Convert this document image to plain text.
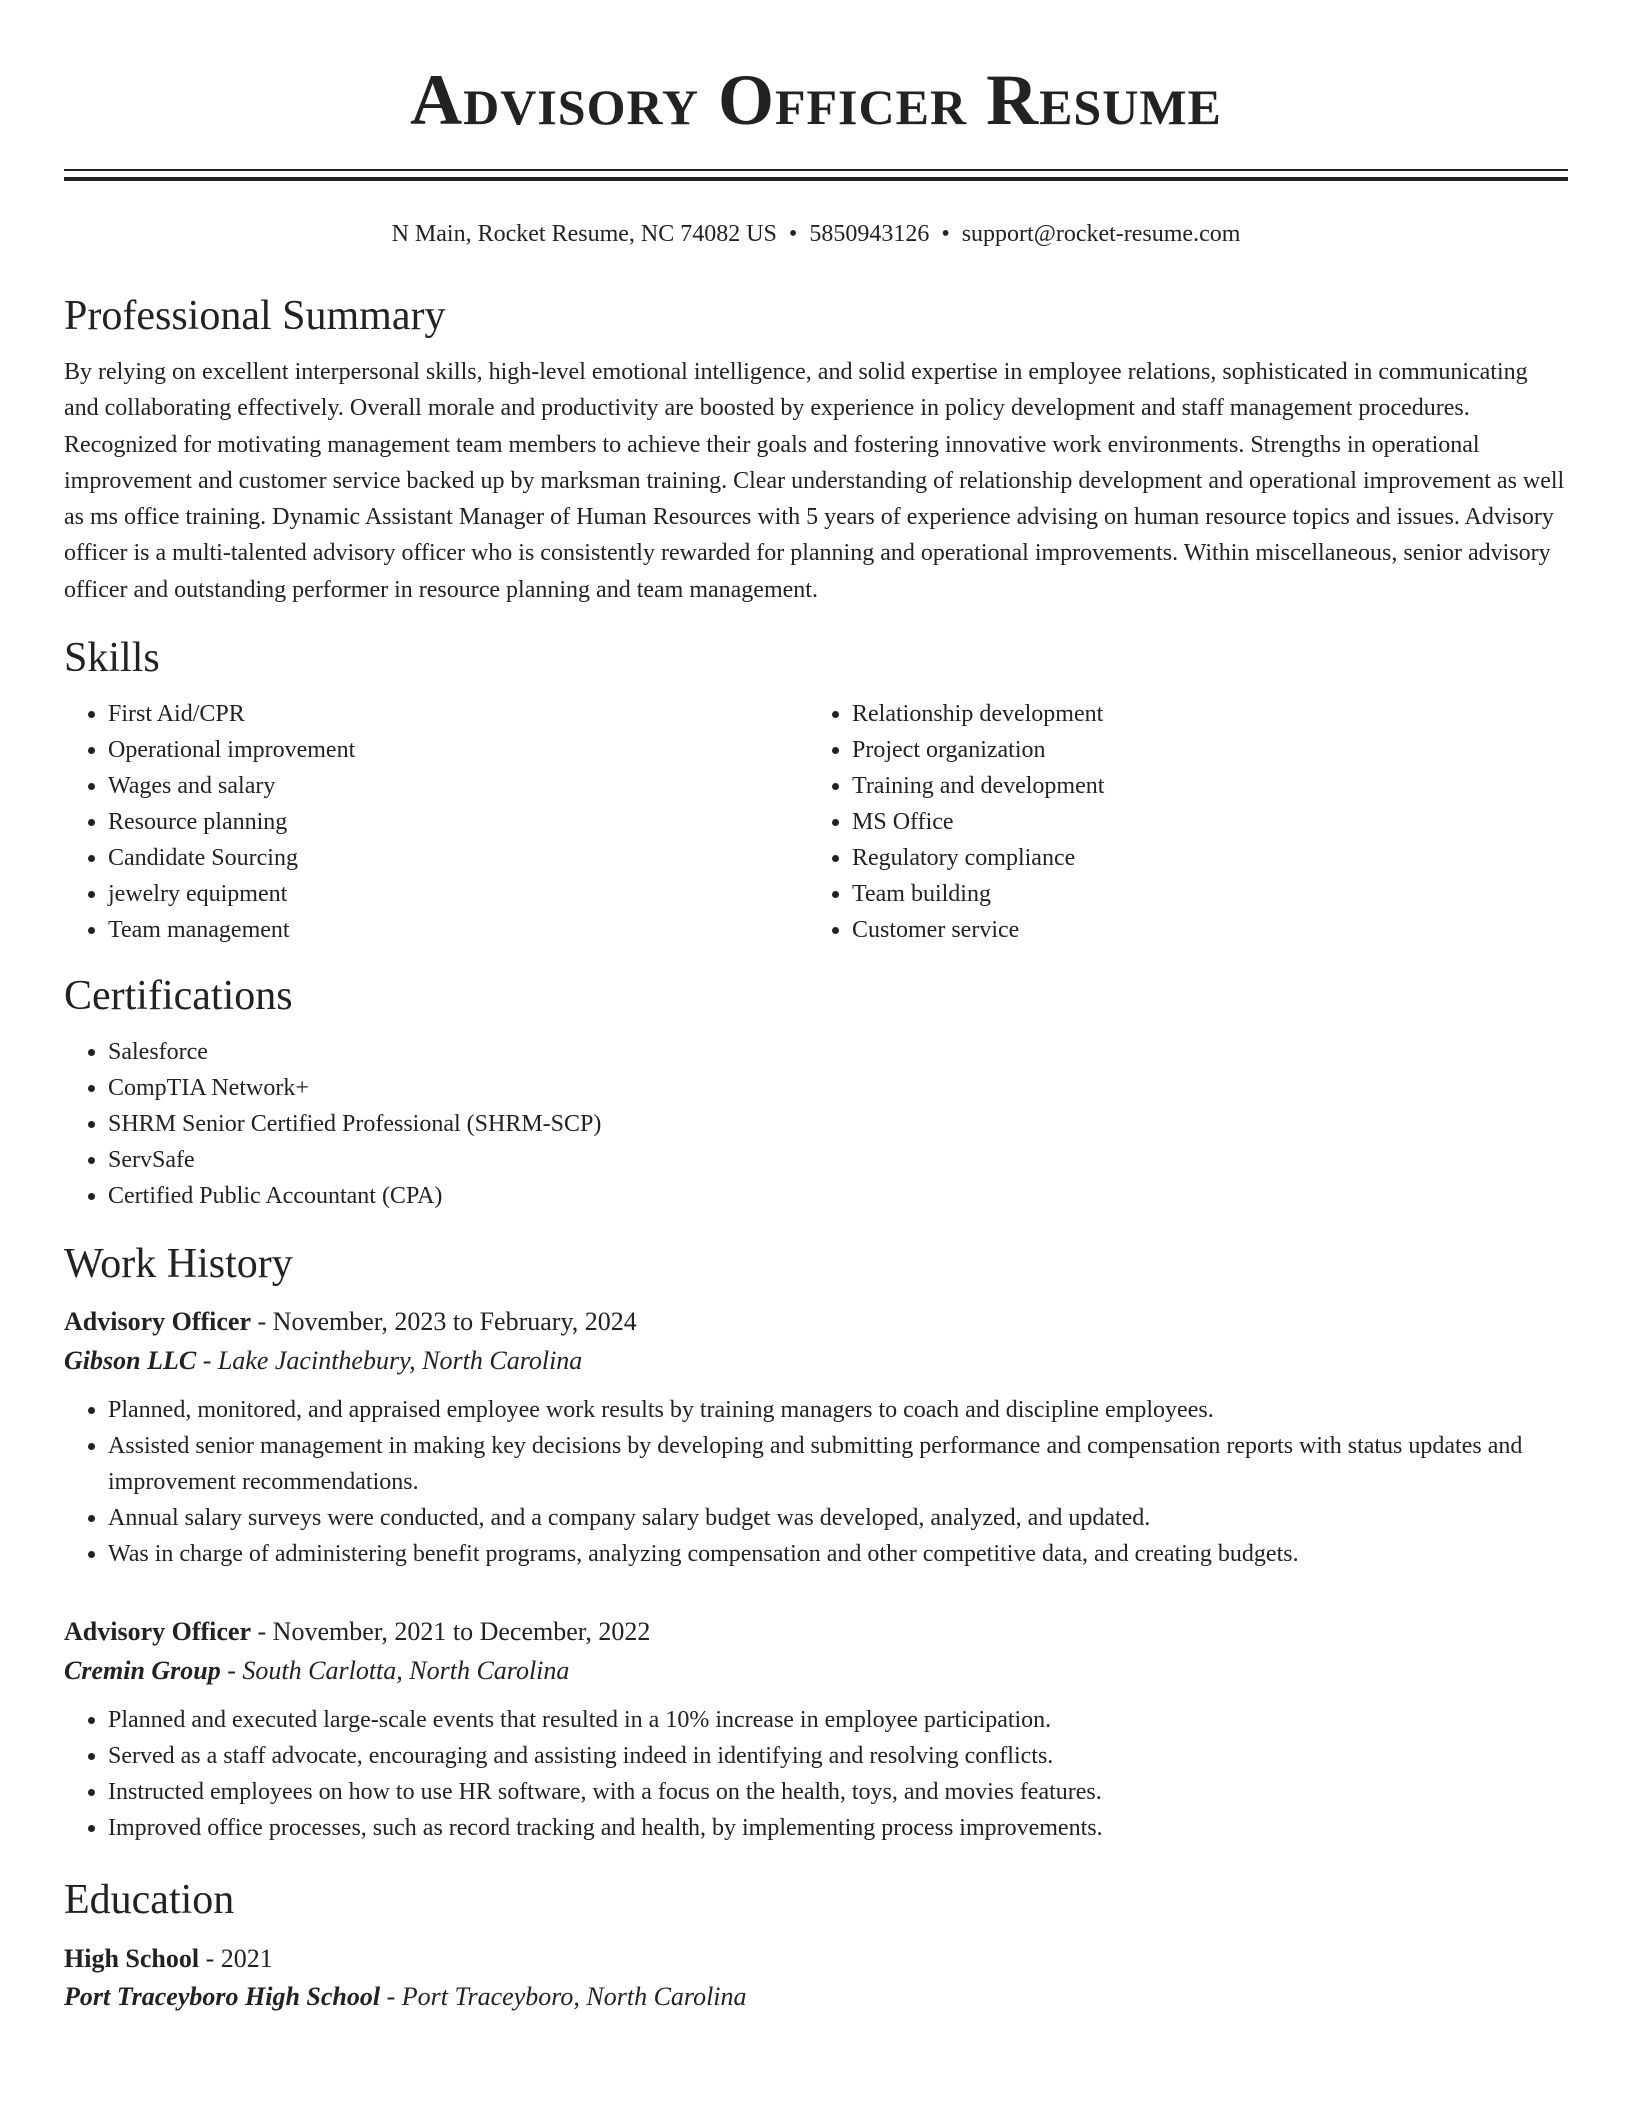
Advisory Officer Resume
N Main, Rocket Resume, NC 74082 US • 5850943126 • support@rocket-resume.com
Professional Summary

By relying on excellent interpersonal skills, high-level emotional intelligence, and solid expertise in employee relations, sophisticated in communicating and collaborating effectively. Overall morale and productivity are boosted by experience in policy development and staff management procedures. Recognized for motivating management team members to achieve their goals and fostering innovative work environments. Strengths in operational improvement and customer service backed up by marksman training. Clear understanding of relationship development and operational improvement as well as ms office training. Dynamic Assistant Manager of Human Resources with 5 years of experience advising on human resource topics and issues. Advisory officer is a multi-talented advisory officer who is consistently rewarded for planning and operational improvements. Within miscellaneous, senior advisory officer and outstanding performer in resource planning and team management.

Skills
• First Aid/CPR
• Operational improvement
• Wages and salary
• Resource planning
• Candidate Sourcing
• jewelry equipment
• Team management
• Relationship development
• Project organization
• Training and development
• MS Office
• Regulatory compliance
• Team building
• Customer service
Certifications
• Salesforce
• CompTIA Network+
• SHRM Senior Certified Professional (SHRM-SCP)
• ServSafe
• Certified Public Accountant (CPA)
Work History
Advisory Officer - November, 2023 to February, 2024
Gibson LLC - Lake Jacinthebury, North Carolina
• Planned, monitored, and appraised employee work results by training managers to coach and discipline employees.
• Assisted senior management in making key decisions by developing and submitting performance and compensation reports with status updates and improvement recommendations.
• Annual salary surveys were conducted, and a company salary budget was developed, analyzed, and updated.
• Was in charge of administering benefit programs, analyzing compensation and other competitive data, and creating budgets.
Advisory Officer - November, 2021 to December, 2022
Cremin Group - South Carlotta, North Carolina
• Planned and executed large-scale events that resulted in a 10% increase in employee participation.
• Served as a staff advocate, encouraging and assisting indeed in identifying and resolving conflicts.
• Instructed employees on how to use HR software, with a focus on the health, toys, and movies features.
• Improved office processes, such as record tracking and health, by implementing process improvements.
Education
High School - 2021
Port Traceyboro High School - Port Traceyboro, North Carolina
